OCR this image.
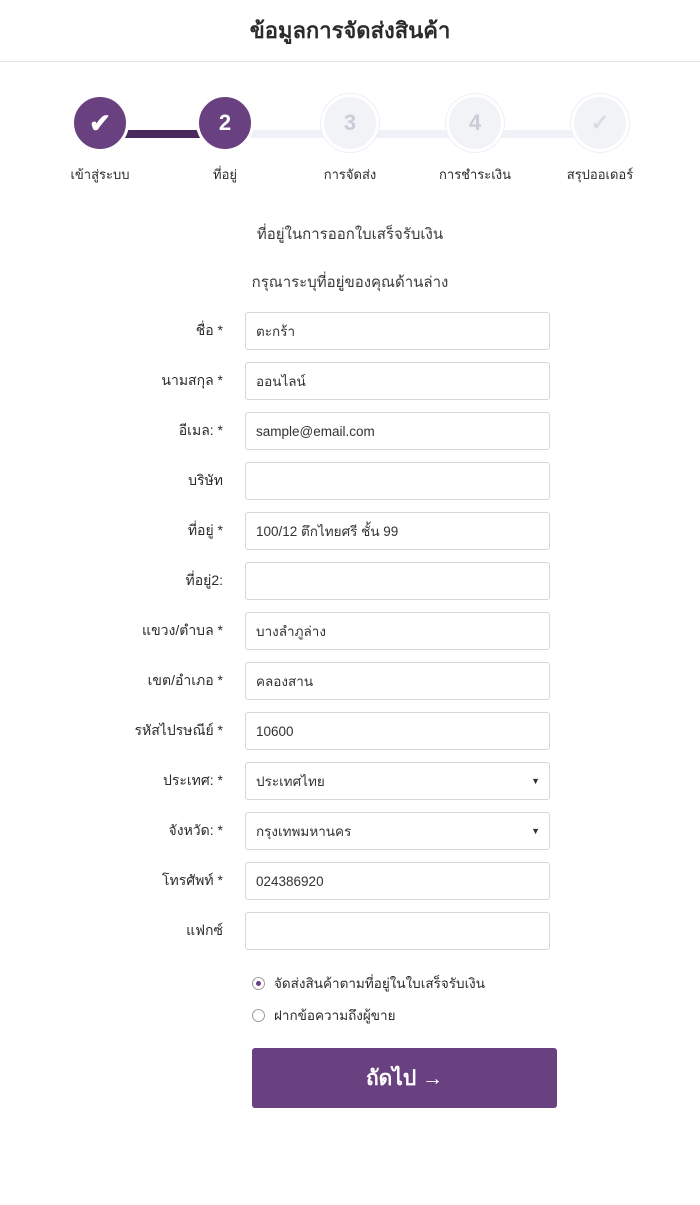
ข้อมูลการจัดส่งสินค้า
✔
เข้าสู่ระบบ
2
ที่อยู่
3
การจัดส่ง
4
การชำระเงิน
✓
สรุปออเดอร์
ที่อยู่ในการออกใบเสร็จรับเงิน
กรุณาระบุที่อยู่ของคุณด้านล่าง
ชื่อ *
ตะกร้า
นามสกุล *
ออนไลน์
อีเมล: *
sample@email.com
บริษัท
ที่อยู่ *
100/12 ตึกไทยศรี ชั้น 99
ที่อยู่2:
แขวง/ตำบล *
บางลำภูล่าง
เขต/อำเภอ *
คลองสาน
รหัสไปรษณีย์ *
10600
ประเทศ: *
ประเทศไทย	▼
จังหวัด: *
กรุงเทพมหานคร	▼
โทรศัพท์ *
024386920
แฟกซ์
จัดส่งสินค้าตามที่อยู่ในใบเสร็จรับเงิน
ฝากข้อความถึงผู้ขาย
ถัดไป →
